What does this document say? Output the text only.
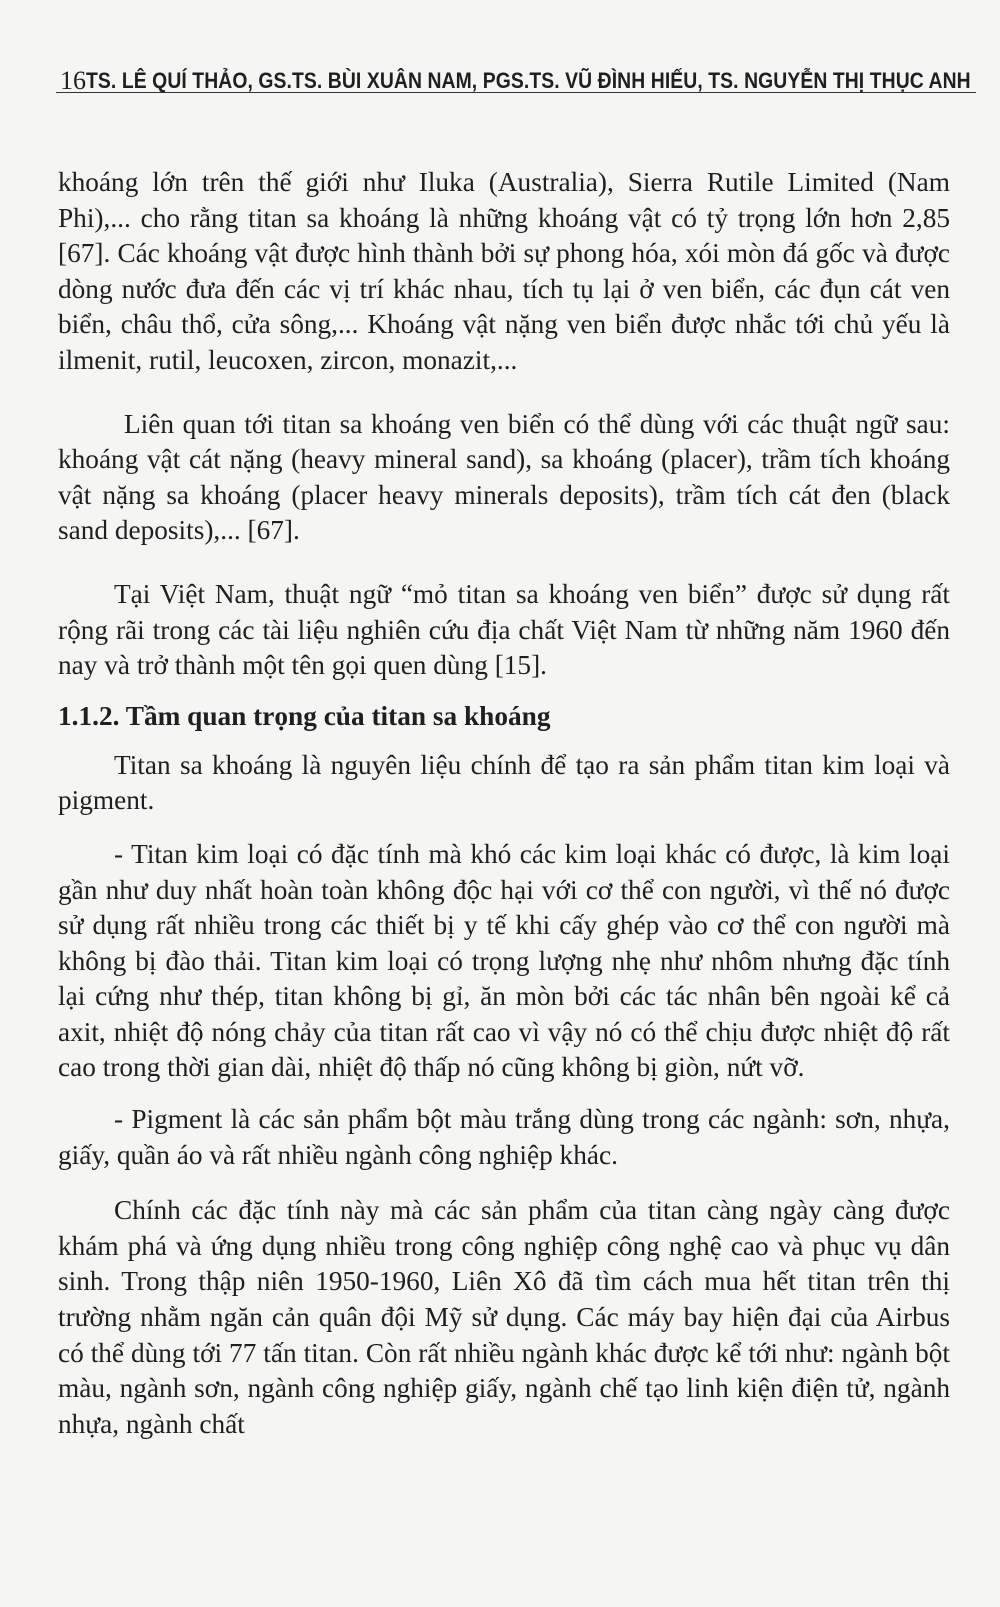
16 TS. LÊ QUÍ THẢO, GS.TS. BÙI XUÂN NAM, PGS.TS. VŨ ĐÌNH HIẾU, TS. NGUYỄN THỊ THỤC ANH

khoáng lớn trên thế giới như Iluka (Australia), Sierra Rutile Limited (Nam Phi),... cho rằng titan sa khoáng là những khoáng vật có tỷ trọng lớn hơn 2,85 [67]. Các khoáng vật được hình thành bởi sự phong hóa, xói mòn đá gốc và được dòng nước đưa đến các vị trí khác nhau, tích tụ lại ở ven biển, các đụn cát ven biển, châu thổ, cửa sông,... Khoáng vật nặng ven biển được nhắc tới chủ yếu là ilmenit, rutil, leucoxen, zircon, monazit,...

Liên quan tới titan sa khoáng ven biển có thể dùng với các thuật ngữ sau: khoáng vật cát nặng (heavy mineral sand), sa khoáng (placer), trầm tích khoáng vật nặng sa khoáng (placer heavy minerals deposits), trầm tích cát đen (black sand deposits),... [67].

Tại Việt Nam, thuật ngữ “mỏ titan sa khoáng ven biển” được sử dụng rất rộng rãi trong các tài liệu nghiên cứu địa chất Việt Nam từ những năm 1960 đến nay và trở thành một tên gọi quen dùng [15].

1.1.2. Tầm quan trọng của titan sa khoáng

Titan sa khoáng là nguyên liệu chính để tạo ra sản phẩm titan kim loại và pigment.

- Titan kim loại có đặc tính mà khó các kim loại khác có được, là kim loại gần như duy nhất hoàn toàn không độc hại với cơ thể con người, vì thế nó được sử dụng rất nhiều trong các thiết bị y tế khi cấy ghép vào cơ thể con người mà không bị đào thải. Titan kim loại có trọng lượng nhẹ như nhôm nhưng đặc tính lại cứng như thép, titan không bị gỉ, ăn mòn bởi các tác nhân bên ngoài kể cả axit, nhiệt độ nóng chảy của titan rất cao vì vậy nó có thể chịu được nhiệt độ rất cao trong thời gian dài, nhiệt độ thấp nó cũng không bị giòn, nứt vỡ.

- Pigment là các sản phẩm bột màu trắng dùng trong các ngành: sơn, nhựa, giấy, quần áo và rất nhiều ngành công nghiệp khác.

Chính các đặc tính này mà các sản phẩm của titan càng ngày càng được khám phá và ứng dụng nhiều trong công nghiệp công nghệ cao và phục vụ dân sinh. Trong thập niên 1950-1960, Liên Xô đã tìm cách mua hết titan trên thị trường nhằm ngăn cản quân đội Mỹ sử dụng. Các máy bay hiện đại của Airbus có thể dùng tới 77 tấn titan. Còn rất nhiều ngành khác được kể tới như: ngành bột màu, ngành sơn, ngành công nghiệp giấy, ngành chế tạo linh kiện điện tử, ngành nhựa, ngành chất
